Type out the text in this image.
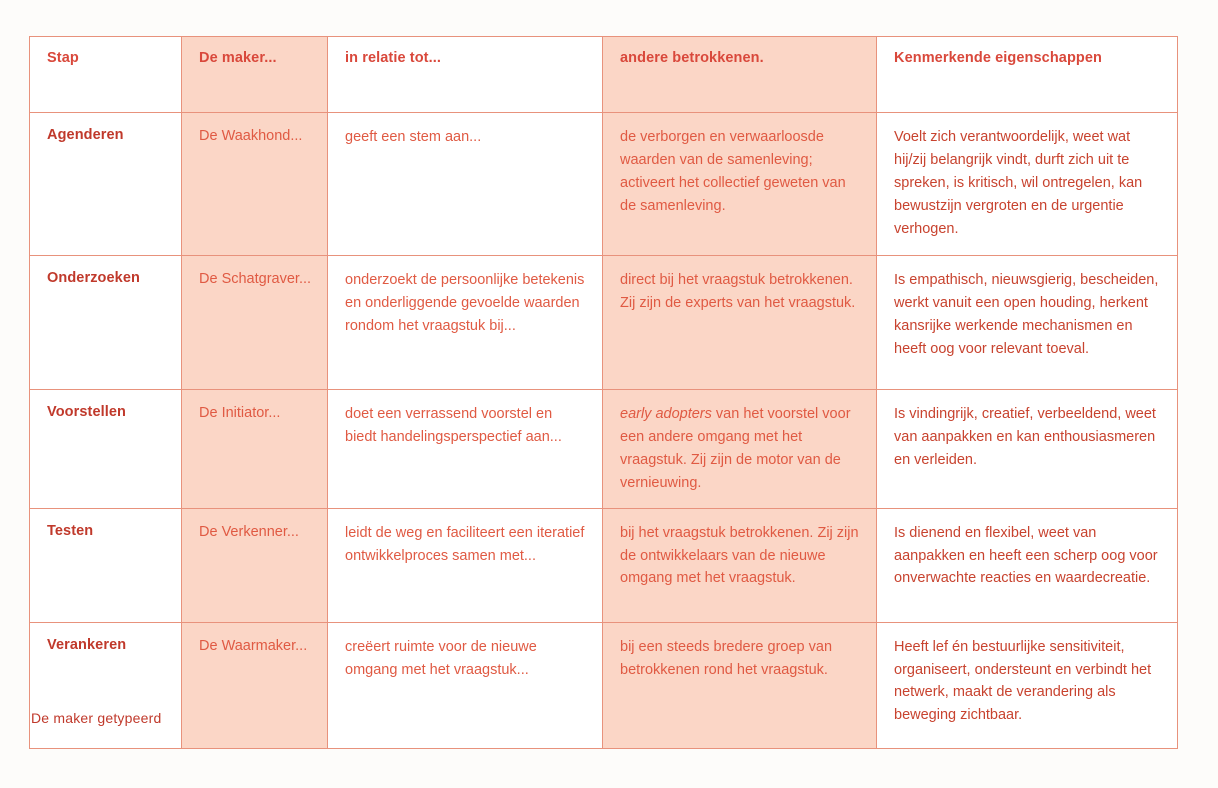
Stap	De maker...	in relatie tot...	andere betrokkenen.	Kenmerkende eigenschappen

Agenderen	De Waakhond...	geeft een stem aan...	de verborgen en verwaarloosde waarden van de samenleving; activeert het collectief geweten van de samenleving.	Voelt zich verantwoordelijk, weet wat hij/zij belangrijk vindt, durft zich uit te spreken, is kritisch, wil ontregelen, kan bewustzijn vergroten en de urgentie verhogen.

Onderzoeken	De Schatgraver...	onderzoekt de persoonlijke betekenis en onderliggende gevoelde waarden rondom het vraagstuk bij...	direct bij het vraagstuk betrokkenen. Zij zijn de experts van het vraagstuk.	Is empathisch, nieuwsgierig, bescheiden, werkt vanuit een open houding, herkent kansrijke werkende mechanismen en heeft oog voor relevant toeval.

Voorstellen	De Initiator...	doet een verrassend voorstel en biedt handelingsperspectief aan...	early adopters van het voorstel voor een andere omgang met het vraagstuk. Zij zijn de motor van de vernieuwing.	Is vindingrijk, creatief, verbeeldend, weet van aanpakken en kan enthousiasmeren en verleiden.

Testen	De Verkenner...	leidt de weg en faciliteert een iteratief ontwikkelproces samen met...	bij het vraagstuk betrokkenen. Zij zijn de ontwikkelaars van de nieuwe omgang met het vraagstuk.	Is dienend en flexibel, weet van aanpakken en heeft een scherp oog voor onverwachte reacties en waardecreatie.

Verankeren	De Waarmaker...	creëert ruimte voor de nieuwe omgang met het vraagstuk...	bij een steeds bredere groep van betrokkenen rond het vraagstuk.	Heeft lef én bestuurlijke sensitiviteit, organiseert, ondersteunt en verbindt het netwerk, maakt de verandering als beweging zichtbaar.
De maker getypeerd
